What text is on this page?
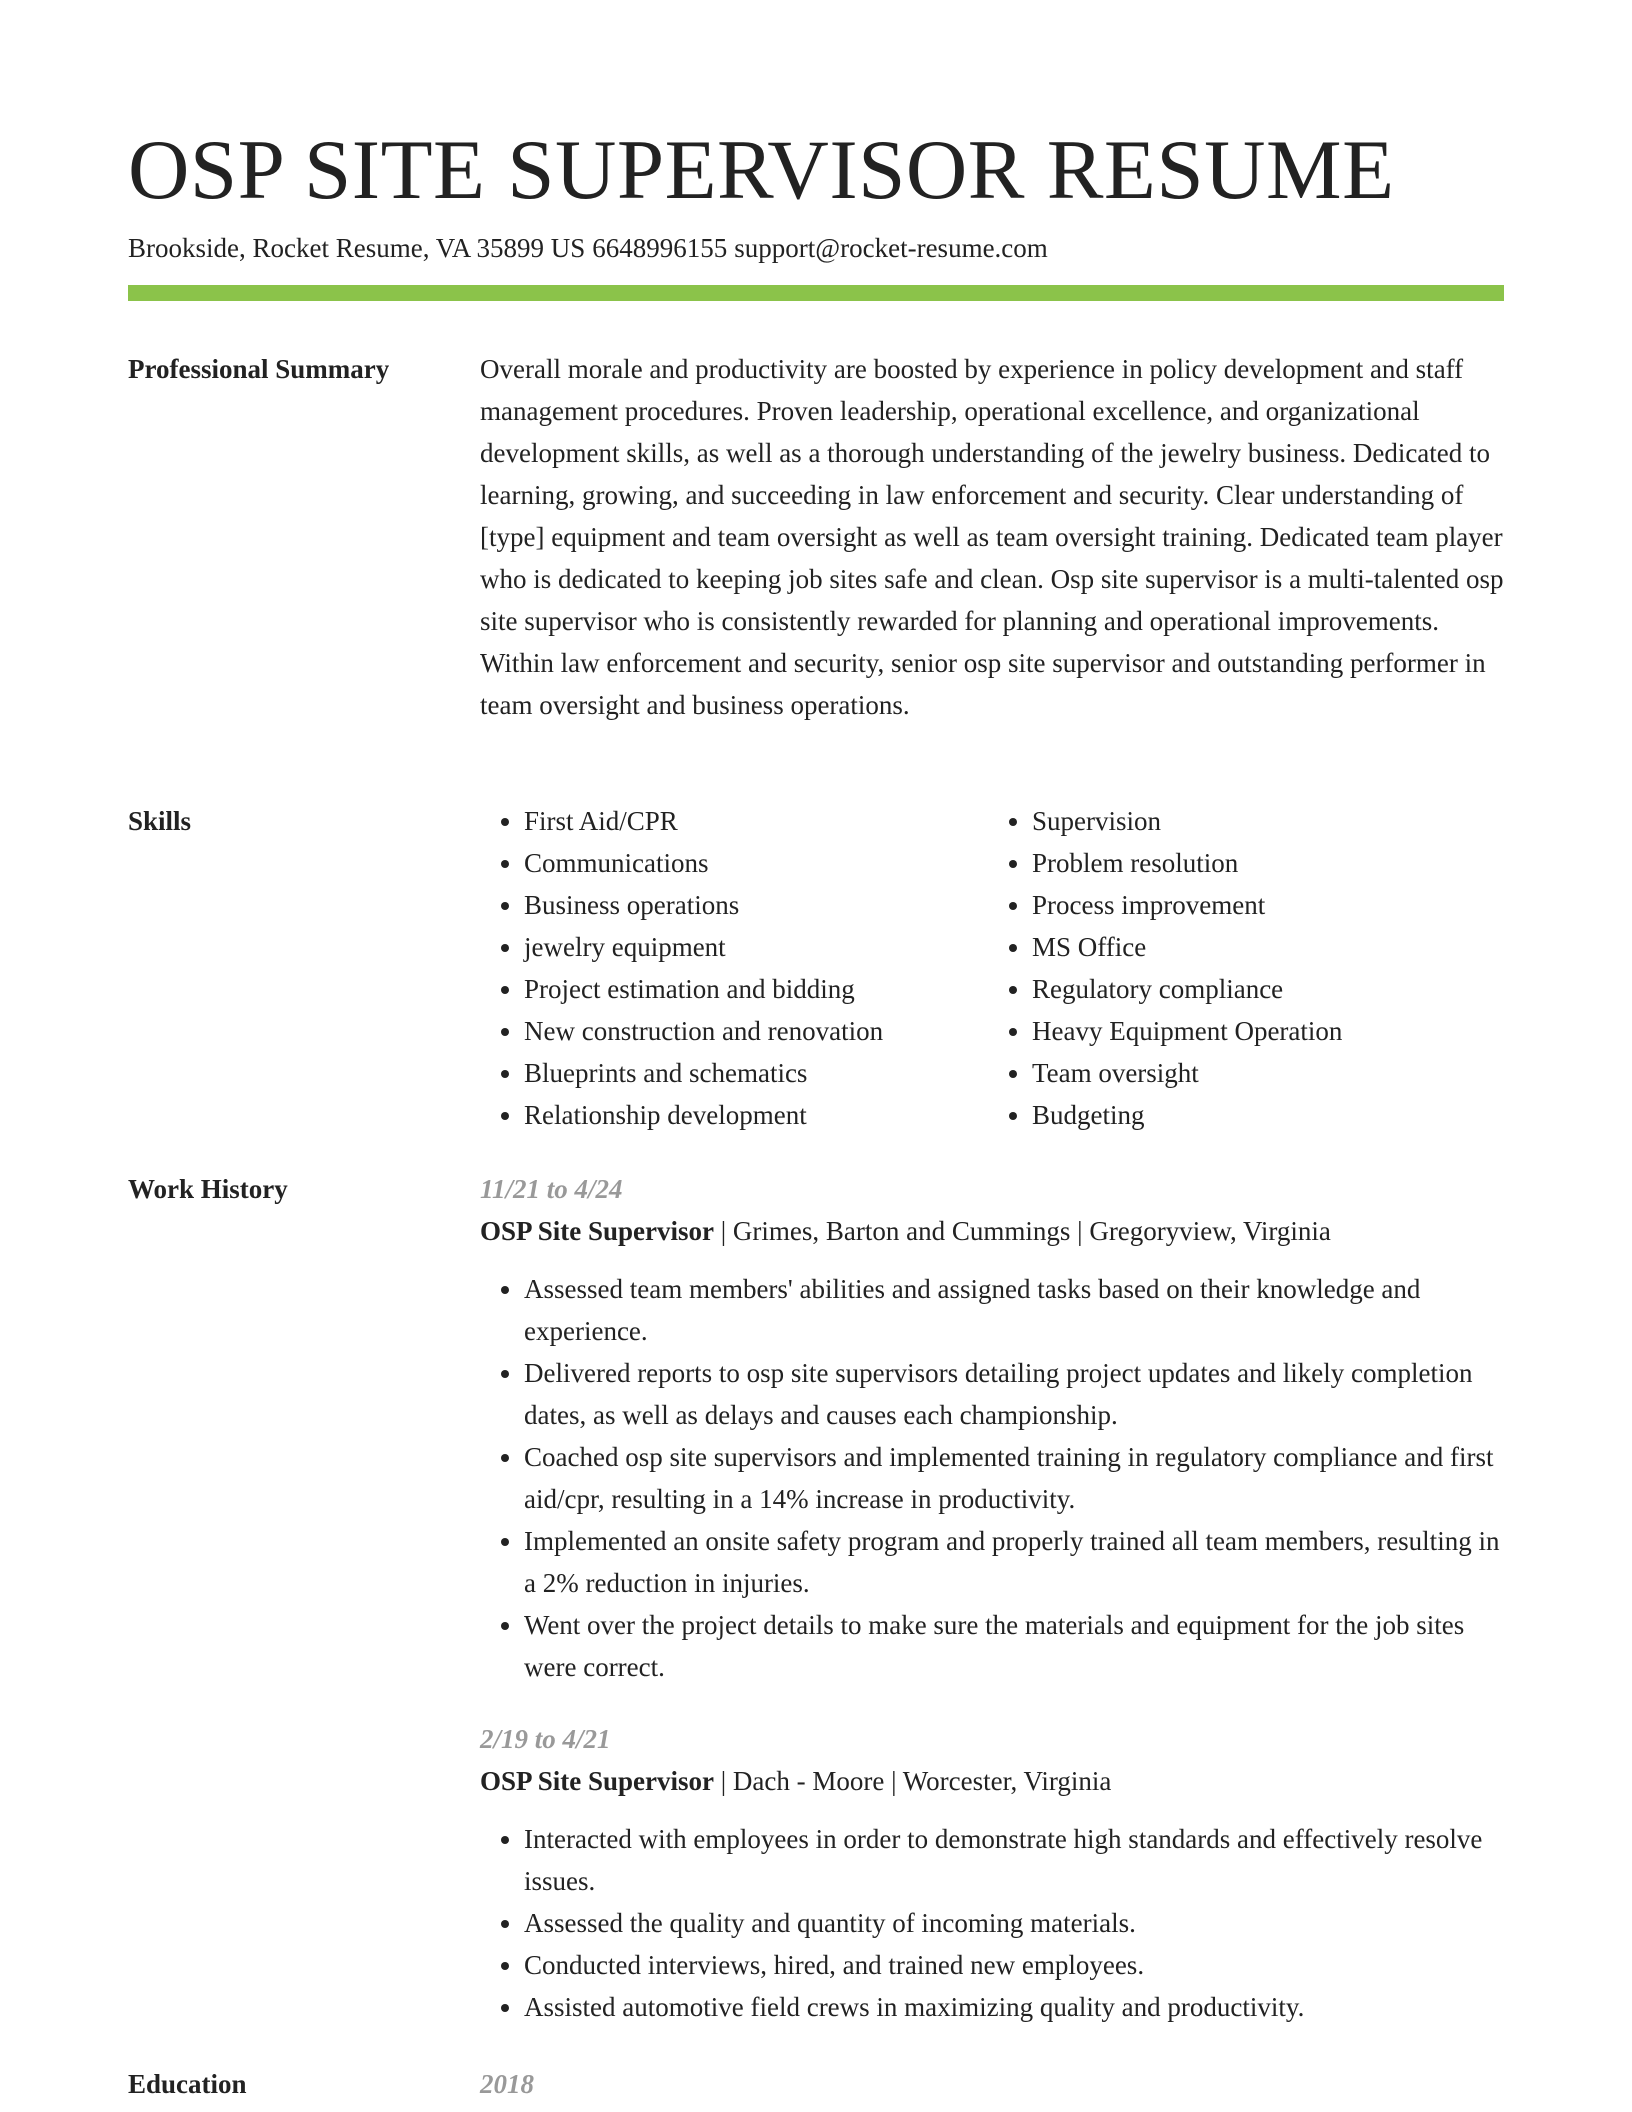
OSP SITE SUPERVISOR RESUME
Brookside, Rocket Resume, VA 35899 US 6648996155 support@rocket-resume.com
Professional Summary	Overall morale and productivity are boosted by experience in policy development and staff management procedures. Proven leadership, operational excellence, and organizational development skills, as well as a thorough understanding of the jewelry business. Dedicated to learning, growing, and succeeding in law enforcement and security. Clear understanding of [type] equipment and team oversight as well as team oversight training. Dedicated team player who is dedicated to keeping job sites safe and clean. Osp site supervisor is a multi-talented osp site supervisor who is consistently rewarded for planning and operational improvements. Within law enforcement and security, senior osp site supervisor and outstanding performer in team oversight and business operations.

Skills
•	First Aid/CPR
• Communications
• Business operations
• jewelry equipment
• Project estimation and bidding
• New construction and renovation
• Blueprints and schematics
• Relationship development
• Supervision
• Problem resolution
• Process improvement
• MS Office
• Regulatory compliance
• Heavy Equipment Operation
• Team oversight
• Budgeting
Work History	11/21 to 4/24
OSP Site Supervisor | Grimes, Barton and Cummings | Gregoryview, Virginia
• Assessed team members' abilities and assigned tasks based on their knowledge and experience.
• Delivered reports to osp site supervisors detailing project updates and likely completion dates, as well as delays and causes each championship.
• Coached osp site supervisors and implemented training in regulatory compliance and first aid/cpr, resulting in a 14% increase in productivity.
• Implemented an onsite safety program and properly trained all team members, resulting in a 2% reduction in injuries.
• Went over the project details to make sure the materials and equipment for the job sites were correct.
2/19 to 4/21
OSP Site Supervisor | Dach - Moore | Worcester, Virginia
• Interacted with employees in order to demonstrate high standards and effectively resolve issues.
• Assessed the quality and quantity of incoming materials.
• Conducted interviews, hired, and trained new employees.
• Assisted automotive field crews in maximizing quality and productivity.
Education	2018
